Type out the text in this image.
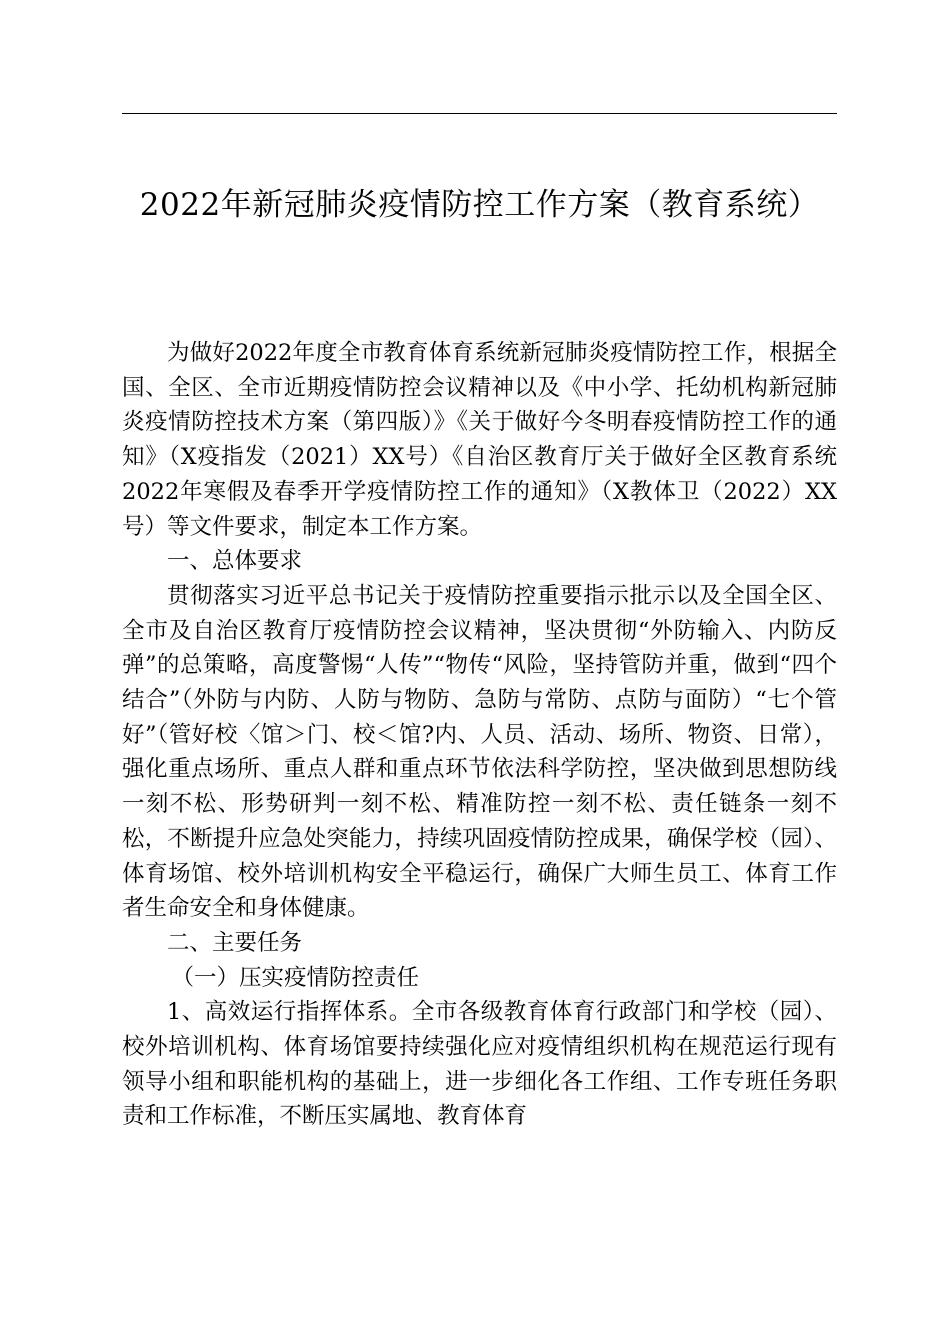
2022年新冠肺炎疫情防控工作方案（教育系统）

为做好2022年度全市教育体育系统新冠肺炎疫情防控工作，根据全国、全区、全市近期疫情防控会议精神以及《中小学、托幼机构新冠肺炎疫情防控技术方案（第四版）》《关于做好今冬明春疫情防控工作的通知》（X疫指发（2021）XX号）《自治区教育厅关于做好全区教育系统2022年寒假及春季开学疫情防控工作的通知》（X教体卫（2022）XX号）等文件要求，制定本工作方案。

一、总体要求

贯彻落实习近平总书记关于疫情防控重要指示批示以及全国全区、全市及自治区教育厅疫情防控会议精神，坚决贯彻“外防输入、内防反弹”的总策略，高度警惕“人传”“物传“风险，坚持管防并重，做到“四个结合”（外防与内防、人防与物防、急防与常防、点防与面防）“七个管好”（管好校〈馆＞门、校＜馆?内、人员、活动、场所、物资、日常），强化重点场所、重点人群和重点环节依法科学防控，坚决做到思想防线一刻不松、形势研判一刻不松、精准防控一刻不松、责任链条一刻不松，不断提升应急处突能力，持续巩固疫情防控成果，确保学校（园）、体育场馆、校外培训机构安全平稳运行，确保广大师生员工、体育工作者生命安全和身体健康。

二、主要任务

（一）压实疫情防控责任

1、高效运行指挥体系。全市各级教育体育行政部门和学校（园）、校外培训机构、体育场馆要持续强化应对疫情组织机构在规范运行现有领导小组和职能机构的基础上，进一步细化各工作组、工作专班任务职责和工作标准，不断压实属地、教育体育
